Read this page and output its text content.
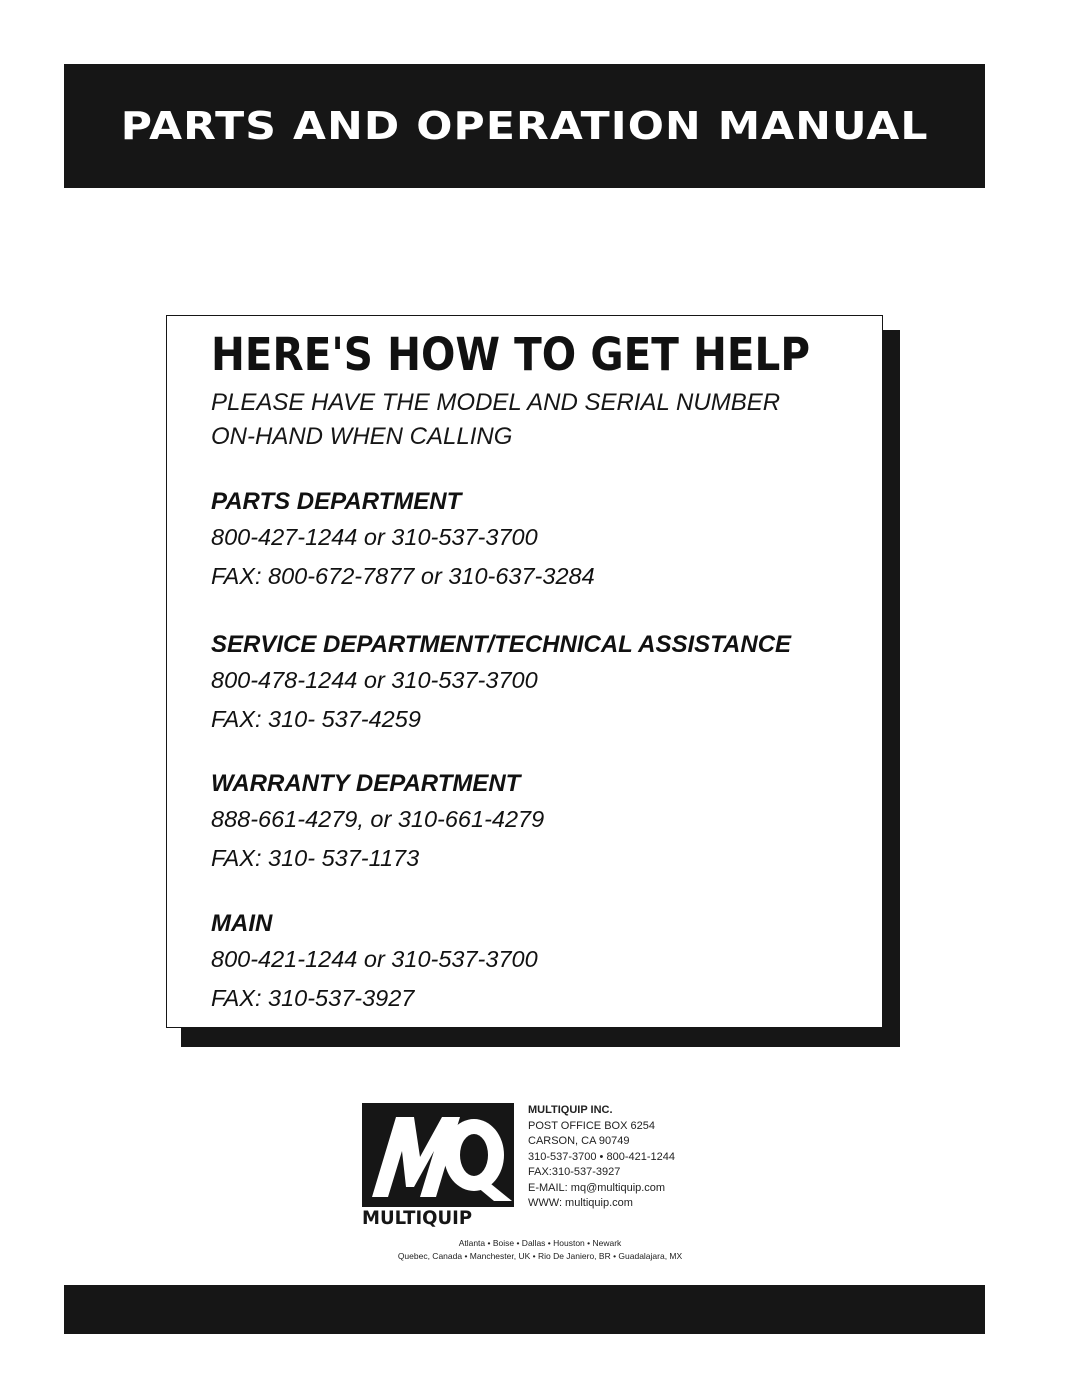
PARTS AND OPERATION MANUAL
HERE'S HOW TO GET HELP
PLEASE HAVE THE MODEL AND SERIAL NUMBER
ON-HAND WHEN CALLING
PARTS DEPARTMENT
800-427-1244 or 310-537-3700
FAX: 800-672-7877 or 310-637-3284
SERVICE DEPARTMENT/TECHNICAL ASSISTANCE
800-478-1244 or 310-537-3700
FAX: 310- 537-4259
WARRANTY DEPARTMENT
888-661-4279, or 310-661-4279
FAX: 310- 537-1173
MAIN
800-421-1244 or 310-537-3700
FAX: 310-537-3927
MULTIQUIP
MULTIQUIP INC.
POST OFFICE BOX 6254
CARSON, CA 90749
310-537-3700 • 800-421-1244
FAX:310-537-3927
E-MAIL: mq@multiquip.com
WWW: multiquip.com
Atlanta • Boise • Dallas • Houston • Newark
Quebec, Canada • Manchester, UK • Rio De Janiero, BR • Guadalajara, MX
